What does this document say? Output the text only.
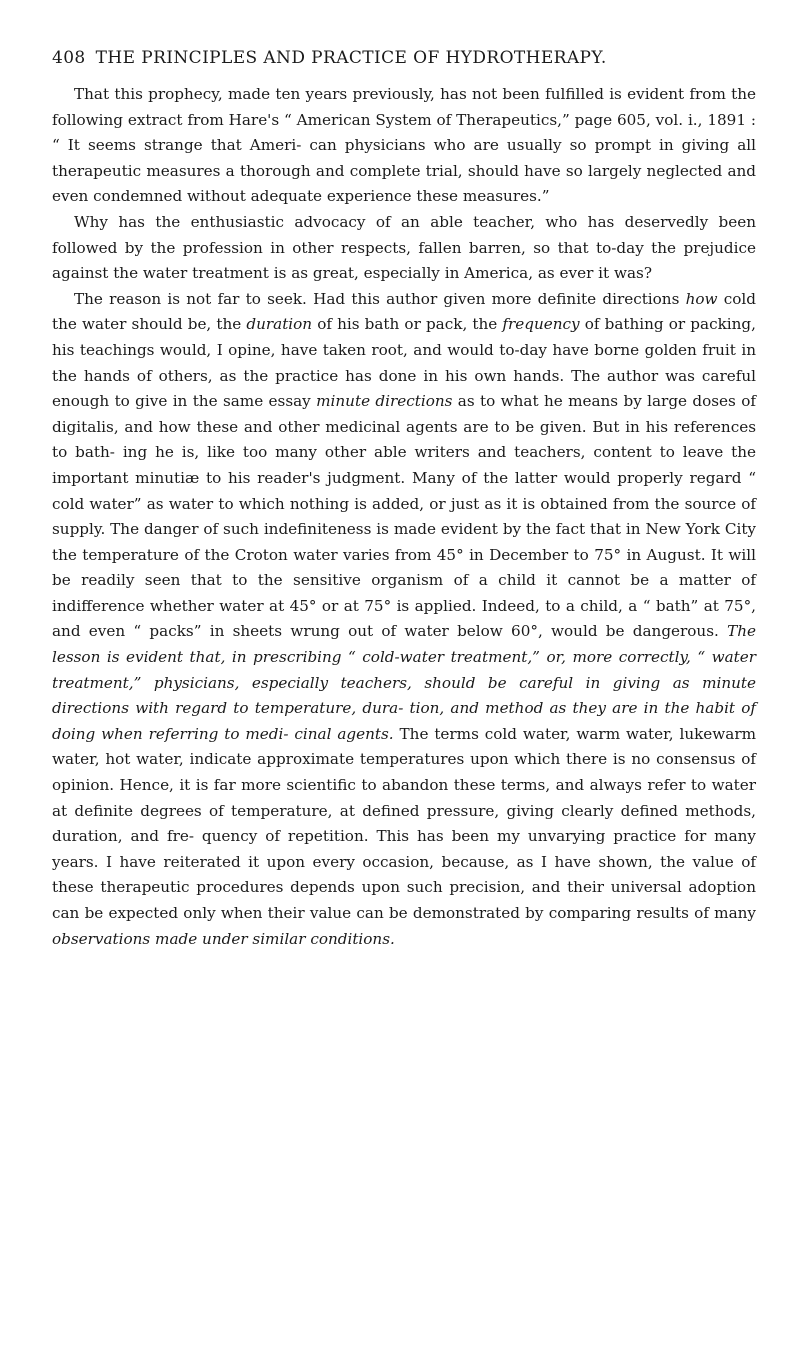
408 THE PRINCIPLES AND PRACTICE OF HYDROTHERAPY.

That this prophecy, made ten years previously, has not been fulfilled is evident from the following extract from Hare's “ American System of Therapeutics,” page 605, vol. i., 1891 : “ It seems strange that Ameri- can physicians who are usually so prompt in giving all therapeutic measures a thorough and complete trial, should have so largely neglected and even condemned without adequate experience these measures.”

Why has the enthusiastic advocacy of an able teacher, who has deservedly been followed by the profession in other respects, fallen barren, so that to-day the prejudice against the water treatment is as great, especially in America, as ever it was?

The reason is not far to seek. Had this author given more definite directions how cold the water should be, the duration of his bath or pack, the frequency of bathing or packing, his teachings would, I opine, have taken root, and would to-day have borne golden fruit in the hands of others, as the practice has done in his own hands. The author was careful enough to give in the same essay minute directions as to what he means by large doses of digitalis, and how these and other medicinal agents are to be given. But in his references to bath- ing he is, like too many other able writers and teachers, content to leave the important minutiæ to his reader's judgment. Many of the latter would properly regard “ cold water” as water to which nothing is added, or just as it is obtained from the source of supply. The danger of such indefiniteness is made evident by the fact that in New York City the temperature of the Croton water varies from 45° in December to 75° in August. It will be readily seen that to the sensitive organism of a child it cannot be a matter of indifference whether water at 45° or at 75° is applied. Indeed, to a child, a “ bath” at 75°, and even “ packs” in sheets wrung out of water below 60°, would be dangerous. The lesson is evident that, in prescribing “ cold-water treatment,” or, more correctly, “ water treatment,” physicians, especially teachers, should be careful in giving as minute directions with regard to temperature, dura- tion, and method as they are in the habit of doing when referring to medi- cinal agents. The terms cold water, warm water, lukewarm water, hot water, indicate approximate temperatures upon which there is no consensus of opinion. Hence, it is far more scientific to abandon these terms, and always refer to water at definite degrees of temperature, at defined pressure, giving clearly defined methods, duration, and fre- quency of repetition. This has been my unvarying practice for many years. I have reiterated it upon every occasion, because, as I have shown, the value of these therapeutic procedures depends upon such precision, and their universal adoption can be expected only when their value can be demonstrated by comparing results of many observations made under similar conditions.
